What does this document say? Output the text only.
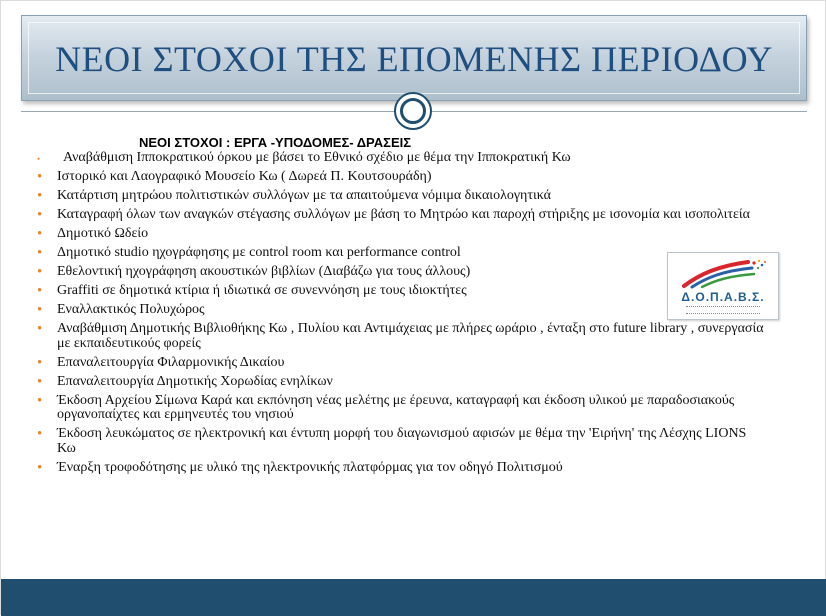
ΝΕΟΙ ΣΤΟΧΟΙ ΤΗΣ ΕΠΟΜΕΝΗΣ ΠΕΡΙΟΔΟΥ
ΝΕΟΙ ΣΤΟΧΟΙ : ΕΡΓΑ -ΥΠΟΔΟΜΕΣ- ΔΡΑΣΕΙΣ
• Αναβάθμιση Ιπποκρατικού όρκου με βάσει το Εθνικό σχέδιο με θέμα την Ιπποκρατική Κω
• Ιστορικό και Λαογραφικό Μουσείο Κω ( Δωρεά Π. Κουτσουράδη)
• Κατάρτιση μητρώου πολιτιστικών συλλόγων με τα απαιτούμενα νόμιμα δικαιολογητικά
• Καταγραφή όλων των αναγκών στέγασης συλλόγων με βάση το Μητρώο και παροχή στήριξης με ισονομία και ισοπολιτεία
• Δημοτικό Ωδείο
• Δημοτικό studio ηχογράφησης με control room και performance control
• Εθελοντική ηχογράφηση ακουστικών βιβλίων (Διαβάζω για τους άλλους)
• Graffiti σε δημοτικά κτίρια ή ιδιωτικά σε συνεννόηση με τους ιδιοκτήτες
• Εναλλακτικός Πολυχώρος
• Αναβάθμιση Δημοτικής Βιβλιοθήκης Κω , Πυλίου και Αντιμάχειας με πλήρες ωράριο , ένταξη στο future library , συνεργασία με εκπαιδευτικούς φορείς
• Επαναλειτουργία Φιλαρμονικής Δικαίου
• Επαναλειτουργία Δημοτικής Χορωδίας ενηλίκων
• Έκδοση Αρχείου Σίμωνα Καρά και εκπόνηση νέας μελέτης με έρευνα, καταγραφή και έκδοση υλικού με παραδοσιακούς οργανοπαίχτες και ερμηνευτές του νησιού
• Έκδοση λευκώματος σε ηλεκτρονική και έντυπη μορφή του διαγωνισμού αφισών με θέμα την 'Ειρήνη' της Λέσχης LIONS Κω
• Έναρξη τροφοδότησης με υλικό της ηλεκτρονικής πλατφόρμας για τον οδηγό Πολιτισμού
Δ.Ο.Π.Α.Β.Σ.
